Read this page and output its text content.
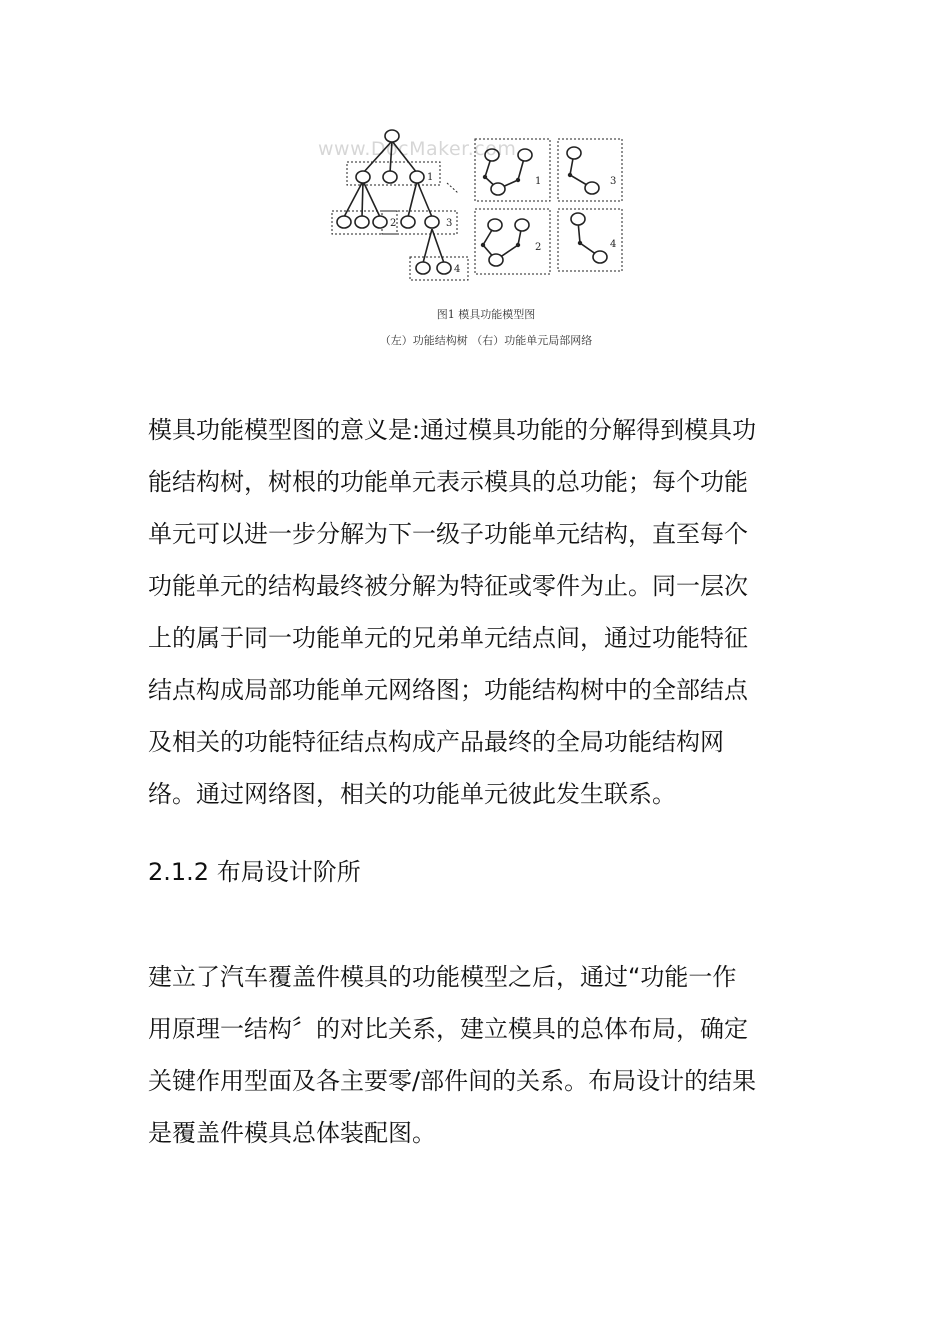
1
2	3
4
1	3
2	4
www.DocMaker.com
图1 模具功能模型图
（左）功能结构树 （右）功能单元局部网络
模具功能模型图的意义是:通过模具功能的分解得到模具功
能结构树，树根的功能单元表示模具的总功能；每个功能
单元可以进一步分解为下一级子功能单元结构，直至每个
功能单元的结构最终被分解为特征或零件为止。同一层次
上的属于同一功能单元的兄弟单元结点间，通过功能特征
结点构成局部功能单元网络图；功能结构树中的全部结点
及相关的功能特征结点构成产品最终的全局功能结构网
络。通过网络图，相关的功能单元彼此发生联系。
2.1.2 布局设计阶所
建立了汽车覆盖件模具的功能模型之后，通过“功能一作
用原理一结构〞的对比关系，建立模具的总体布局，确定
关键作用型面及各主要零/部件间的关系。布局设计的结果
是覆盖件模具总体装配图。
